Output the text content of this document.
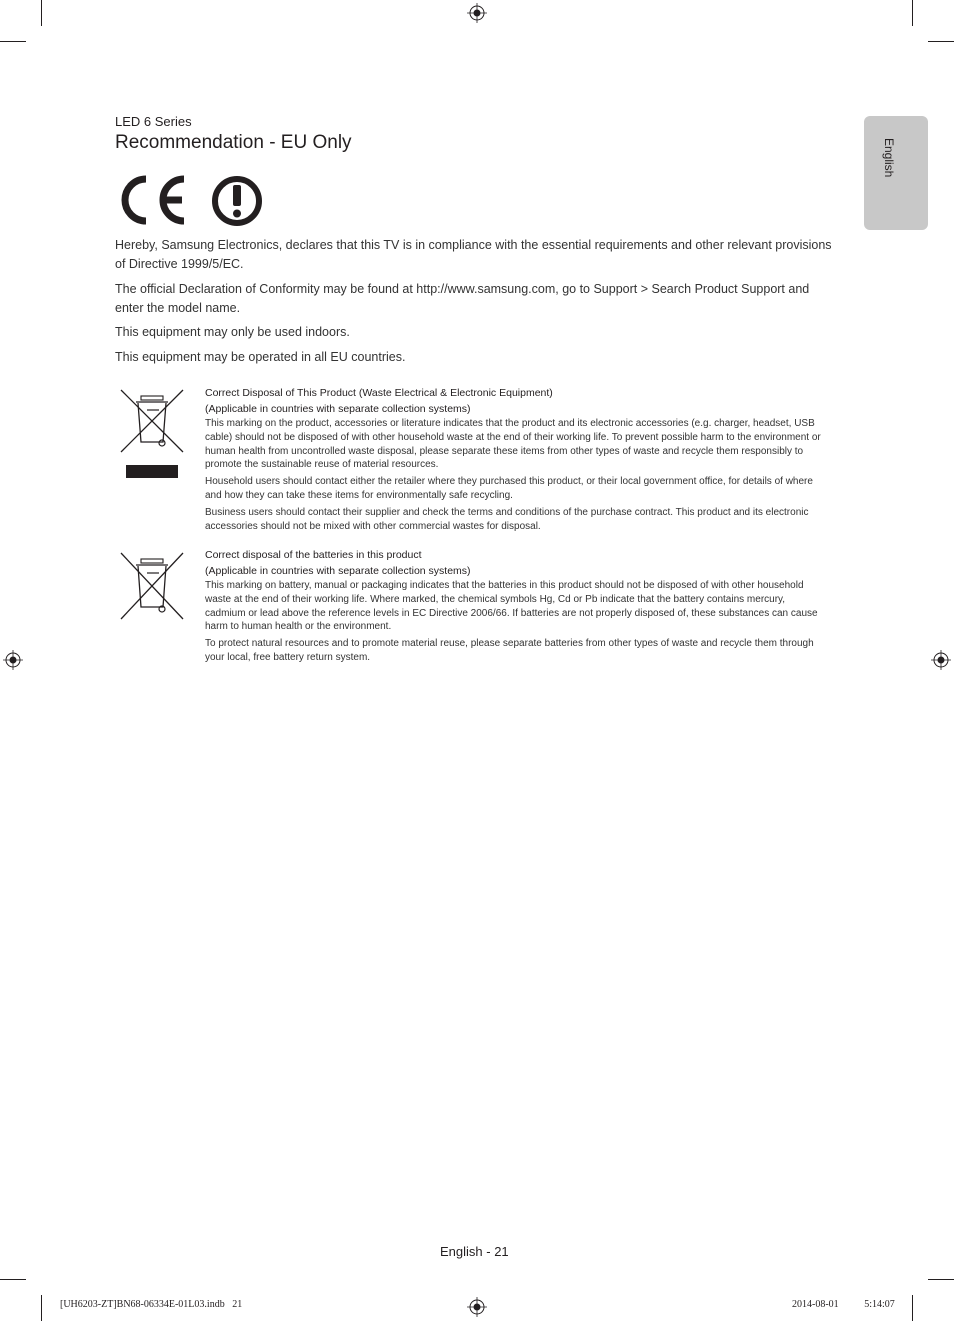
English
LED 6 Series
Recommendation - EU Only
Hereby, Samsung Electronics, declares that this TV is in compliance with the essential requirements and other relevant provisions of Directive 1999/5/EC.
The official Declaration of Conformity may be found at http://www.samsung.com, go to Support > Search Product Support and enter the model name.
This equipment may only be used indoors.
This equipment may be operated in all EU countries.
Correct Disposal of This Product (Waste Electrical & Electronic Equipment)
(Applicable in countries with separate collection systems)

This marking on the product, accessories or literature indicates that the product and its electronic accessories (e.g. charger, headset, USB cable) should not be disposed of with other household waste at the end of their working life. To prevent possible harm to the environment or human health from uncontrolled waste disposal, please separate these items from other types of waste and recycle them responsibly to promote the sustainable reuse of material resources.

Household users should contact either the retailer where they purchased this product, or their local government office, for details of where and how they can take these items for environmentally safe recycling.

Business users should contact their supplier and check the terms and conditions of the purchase contract. This product and its electronic accessories should not be mixed with other commercial wastes for disposal.

Correct disposal of the batteries in this product
(Applicable in countries with separate collection systems)

This marking on battery, manual or packaging indicates that the batteries in this product should not be disposed of with other household waste at the end of their working life. Where marked, the chemical symbols Hg, Cd or Pb indicate that the battery contains mercury, cadmium or lead above the reference levels in EC Directive 2006/66. If batteries are not properly disposed of, these substances can cause harm to human health or the environment.

To protect natural resources and to promote material reuse, please separate batteries from other types of waste and recycle them through your local, free battery return system.

English - 21
[UH6203-ZT]BN68-06334E-01L03.indb   21	2014-08-01   ￿￿ 5:14:07
